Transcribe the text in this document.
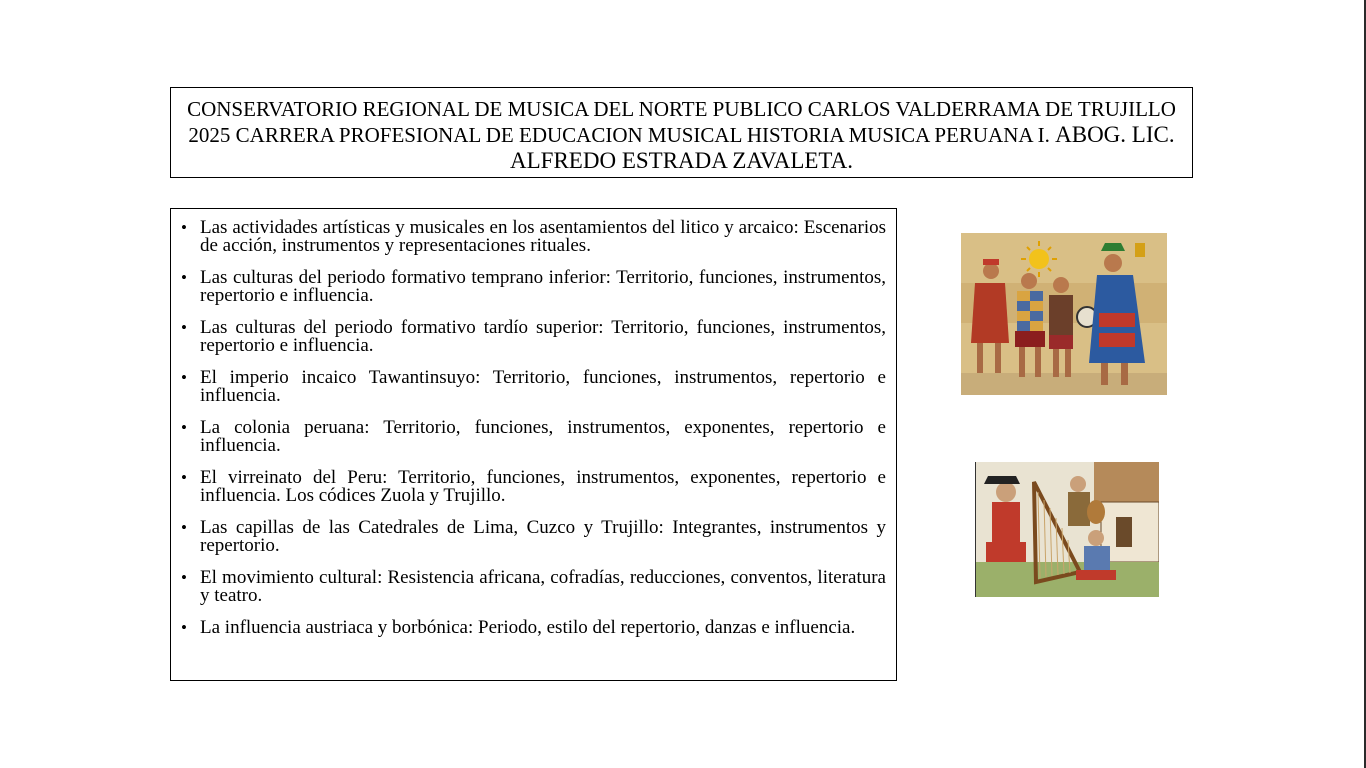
CONSERVATORIO REGIONAL DE MUSICA DEL NORTE PUBLICO CARLOS VALDERRAMA DE TRUJILLO 2025 CARRERA PROFESIONAL DE EDUCACION MUSICAL HISTORIA MUSICA PERUANA I. ABOG. LIC. ALFREDO ESTRADA ZAVALETA.
• Las actividades artísticas y musicales en los asentamientos del litico y arcaico: Escenarios de acción, instrumentos y representaciones rituales.
• Las culturas del periodo formativo temprano inferior: Territorio, funciones, instrumentos, repertorio e influencia.
• Las culturas del periodo formativo tardío superior: Territorio, funciones, instrumentos, repertorio e influencia.
• El imperio incaico Tawantinsuyo: Territorio, funciones, instrumentos, repertorio e influencia.
• La colonia peruana: Territorio, funciones, instrumentos, exponentes, repertorio e influencia.
• El virreinato del Peru: Territorio, funciones, instrumentos, exponentes, repertorio e influencia. Los códices Zuola y Trujillo.
• Las capillas de las Catedrales de Lima, Cuzco y Trujillo: Integrantes, instrumentos y repertorio.
• El movimiento cultural: Resistencia africana, cofradías, reducciones, conventos, literatura y teatro.
• La influencia austriaca y borbónica: Periodo, estilo del repertorio, danzas e influencia.
